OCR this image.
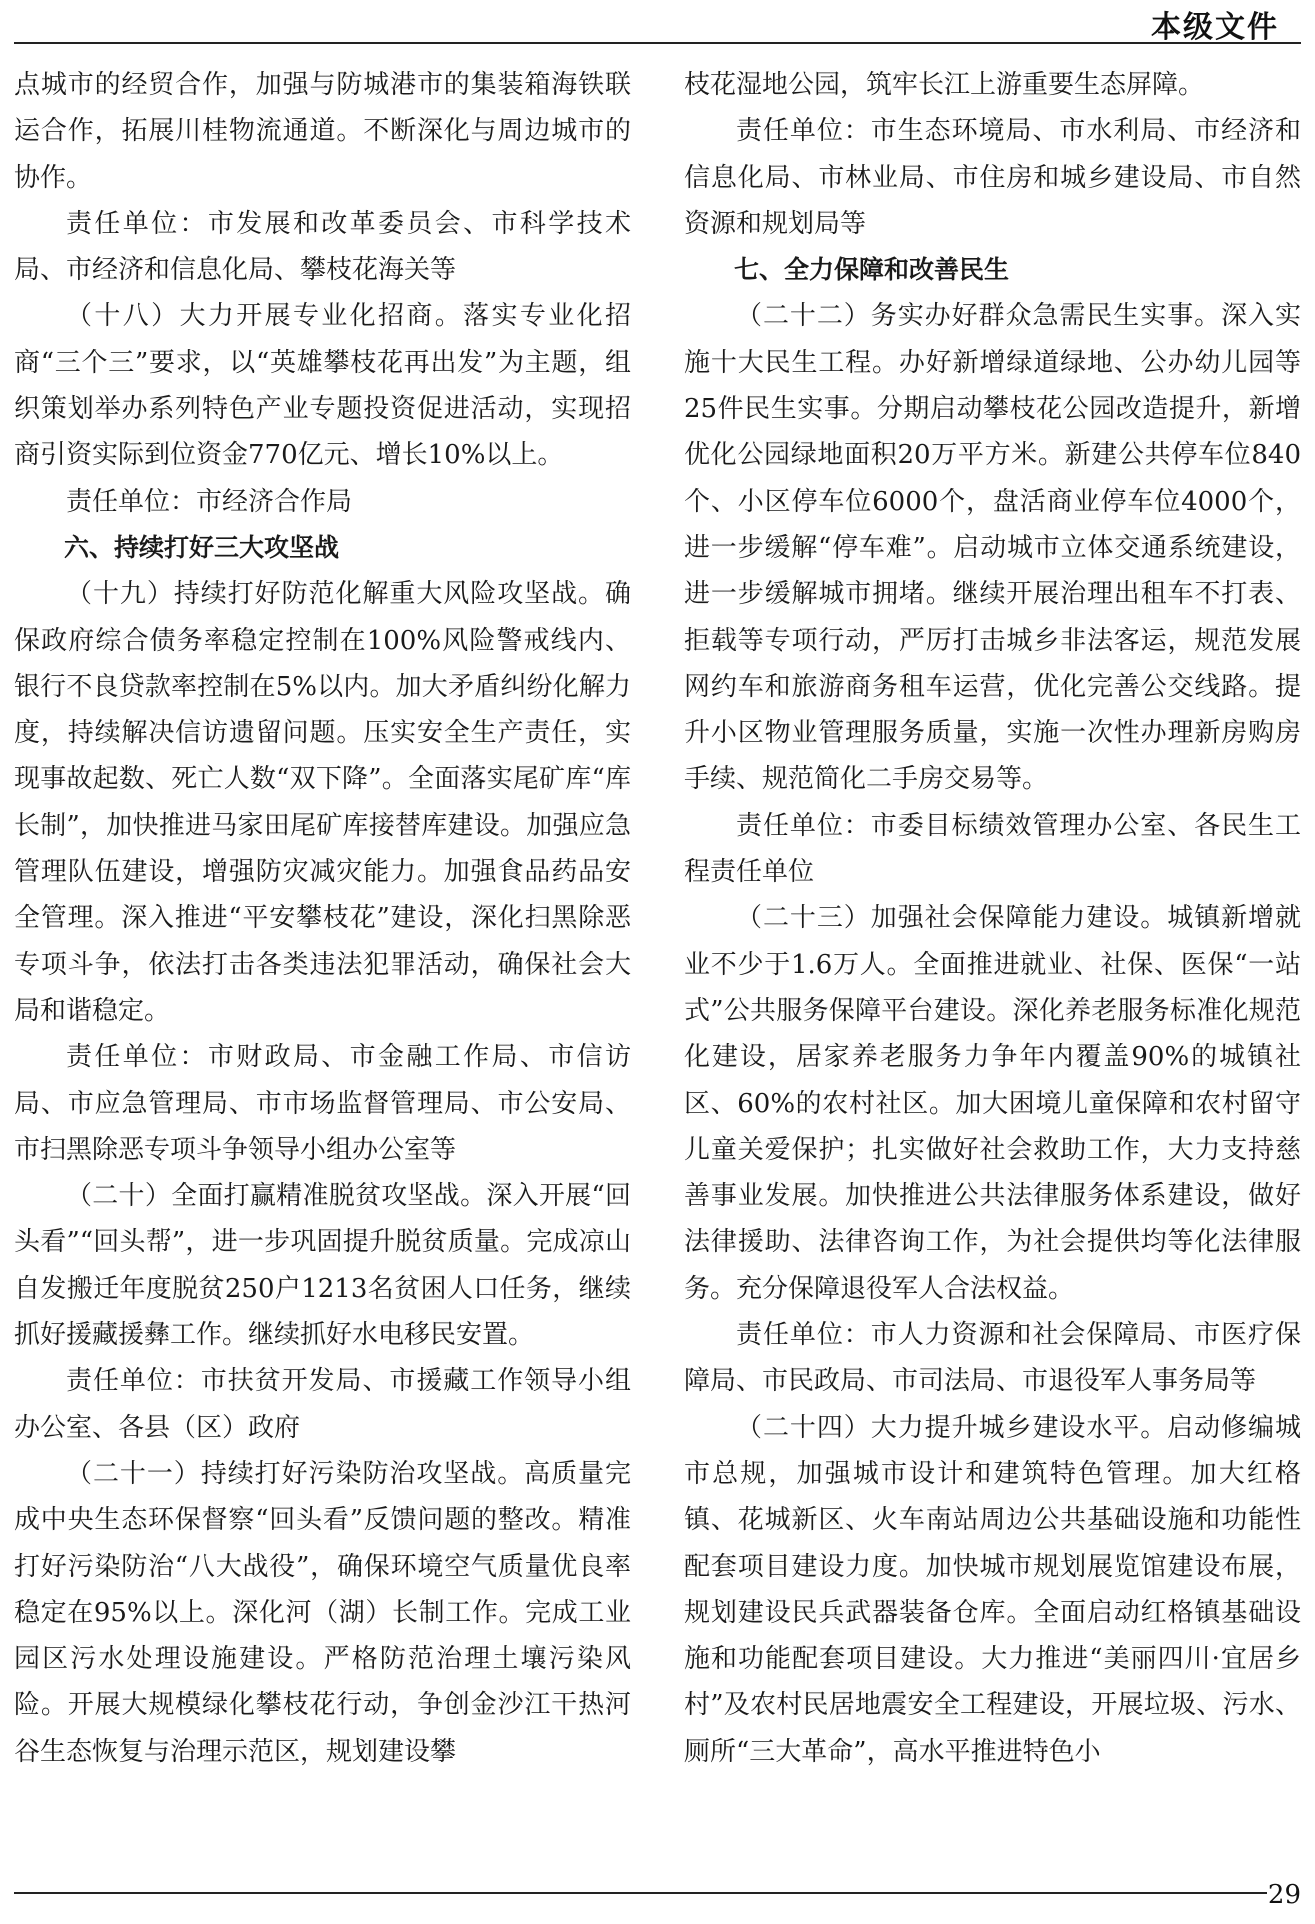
本级文件

点城市的经贸合作，加强与防城港市的集装箱海铁联运合作，拓展川桂物流通道。不断深化与周边城市的协作。

责任单位：市发展和改革委员会、市科学技术局、市经济和信息化局、攀枝花海关等

（十八）大力开展专业化招商。落实专业化招商“三个三”要求，以“英雄攀枝花再出发”为主题，组织策划举办系列特色产业专题投资促进活动，实现招商引资实际到位资金770亿元、增长10%以上。

责任单位：市经济合作局

六、持续打好三大攻坚战

（十九）持续打好防范化解重大风险攻坚战。确保政府综合债务率稳定控制在100%风险警戒线内、银行不良贷款率控制在5%以内。加大矛盾纠纷化解力度，持续解决信访遗留问题。压实安全生产责任，实现事故起数、死亡人数“双下降”。全面落实尾矿库“库长制”，加快推进马家田尾矿库接替库建设。加强应急管理队伍建设，增强防灾减灾能力。加强食品药品安全管理。深入推进“平安攀枝花”建设，深化扫黑除恶专项斗争，依法打击各类违法犯罪活动，确保社会大局和谐稳定。

责任单位：市财政局、市金融工作局、市信访局、市应急管理局、市市场监督管理局、市公安局、市扫黑除恶专项斗争领导小组办公室等

（二十）全面打赢精准脱贫攻坚战。深入开展“回头看”“回头帮”，进一步巩固提升脱贫质量。完成凉山自发搬迁年度脱贫250户1213名贫困人口任务，继续抓好援藏援彝工作。继续抓好水电移民安置。

责任单位：市扶贫开发局、市援藏工作领导小组办公室、各县（区）政府

（二十一）持续打好污染防治攻坚战。高质量完成中央生态环保督察“回头看”反馈问题的整改。精准打好污染防治“八大战役”，确保环境空气质量优良率稳定在95%以上。深化河（湖）长制工作。完成工业园区污水处理设施建设。严格防范治理土壤污染风险。开展大规模绿化攀枝花行动，争创金沙江干热河谷生态恢复与治理示范区，规划建设攀

枝花湿地公园，筑牢长江上游重要生态屏障。

责任单位：市生态环境局、市水利局、市经济和信息化局、市林业局、市住房和城乡建设局、市自然资源和规划局等

七、全力保障和改善民生

（二十二）务实办好群众急需民生实事。深入实施十大民生工程。办好新增绿道绿地、公办幼儿园等25件民生实事。分期启动攀枝花公园改造提升，新增优化公园绿地面积20万平方米。新建公共停车位840个、小区停车位6000个，盘活商业停车位4000个，进一步缓解“停车难”。启动城市立体交通系统建设，进一步缓解城市拥堵。继续开展治理出租车不打表、拒载等专项行动，严厉打击城乡非法客运，规范发展网约车和旅游商务租车运营，优化完善公交线路。提升小区物业管理服务质量，实施一次性办理新房购房手续、规范简化二手房交易等。

责任单位：市委目标绩效管理办公室、各民生工程责任单位

（二十三）加强社会保障能力建设。城镇新增就业不少于1.6万人。全面推进就业、社保、医保“一站式”公共服务保障平台建设。深化养老服务标准化规范化建设，居家养老服务力争年内覆盖90%的城镇社区、60%的农村社区。加大困境儿童保障和农村留守儿童关爱保护；扎实做好社会救助工作，大力支持慈善事业发展。加快推进公共法律服务体系建设，做好法律援助、法律咨询工作，为社会提供均等化法律服务。充分保障退役军人合法权益。

责任单位：市人力资源和社会保障局、市医疗保障局、市民政局、市司法局、市退役军人事务局等

（二十四）大力提升城乡建设水平。启动修编城市总规，加强城市设计和建筑特色管理。加大红格镇、花城新区、火车南站周边公共基础设施和功能性配套项目建设力度。加快城市规划展览馆建设布展，规划建设民兵武器装备仓库。全面启动红格镇基础设施和功能配套项目建设。大力推进“美丽四川·宜居乡村”及农村民居地震安全工程建设，开展垃圾、污水、厕所“三大革命”，高水平推进特色小

29
